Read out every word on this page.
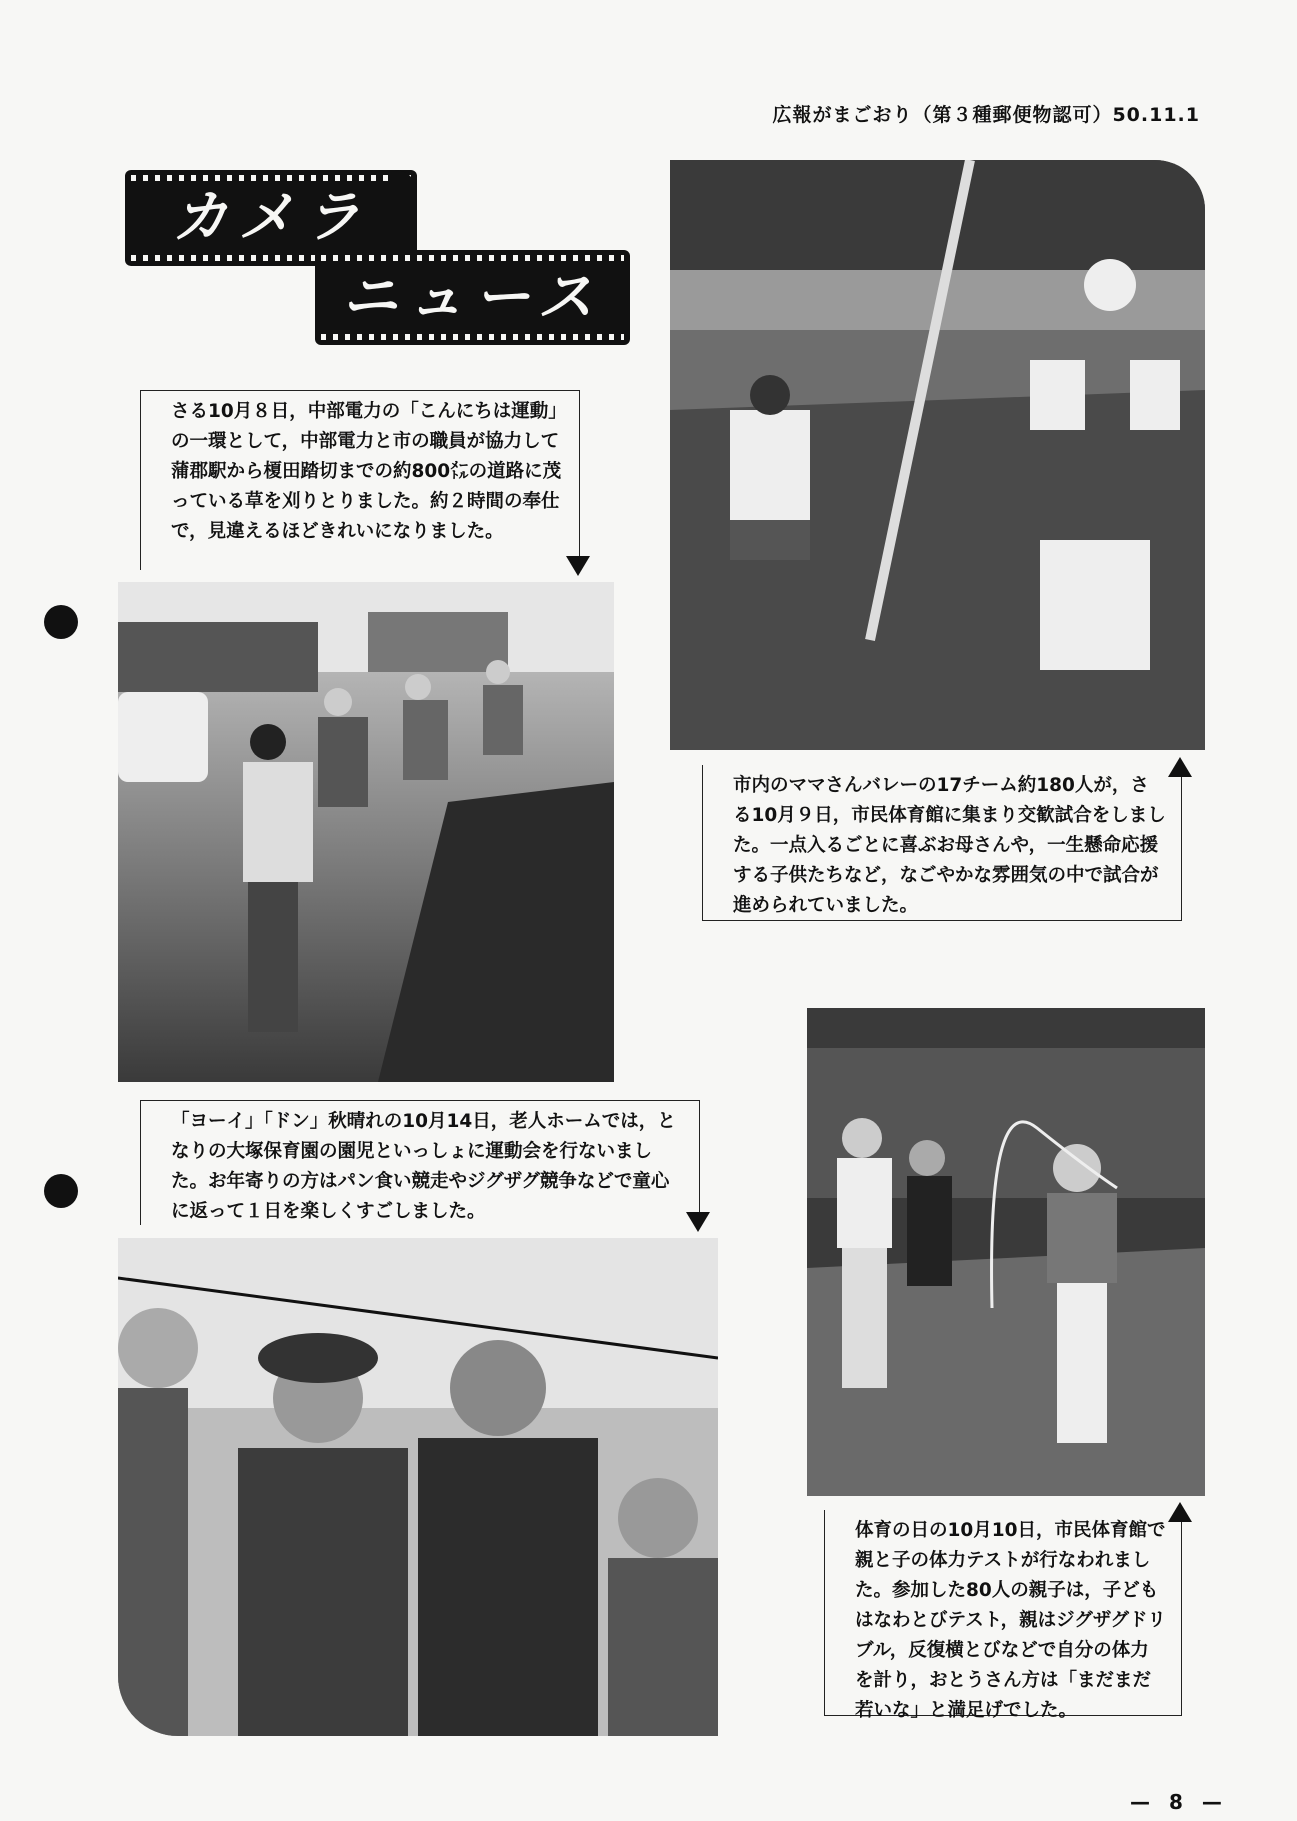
広報がまごおり（第３種郵便物認可）50.11.1
カメラ
ニュース
さる10月８日，中部電力の「こんにちは運動」の一環として，中部電力と市の職員が協力して蒲郡駅から榎田踏切までの約800㍍の道路に茂っている草を刈りとりました。約２時間の奉仕で，見違えるほどきれいになりました。
市内のママさんバレーの17チーム約180人が，さる10月９日，市民体育館に集まり交歓試合をしました。一点入るごとに喜ぶお母さんや，一生懸命応援する子供たちなど，なごやかな雰囲気の中で試合が進められていました。
「ヨーイ」「ドン」秋晴れの10月14日，老人ホームでは，となりの大塚保育園の園児といっしょに運動会を行ないました。お年寄りの方はパン食い競走やジグザグ競争などで童心に返って１日を楽しくすごしました。
体育の日の10月10日，市民体育館で親と子の体力テストが行なわれました。参加した80人の親子は，子どもはなわとびテスト，親はジグザグドリブル，反復横とびなどで自分の体力を計り，おとうさん方は「まだまだ若いな」と満足げでした。
— 8 —
